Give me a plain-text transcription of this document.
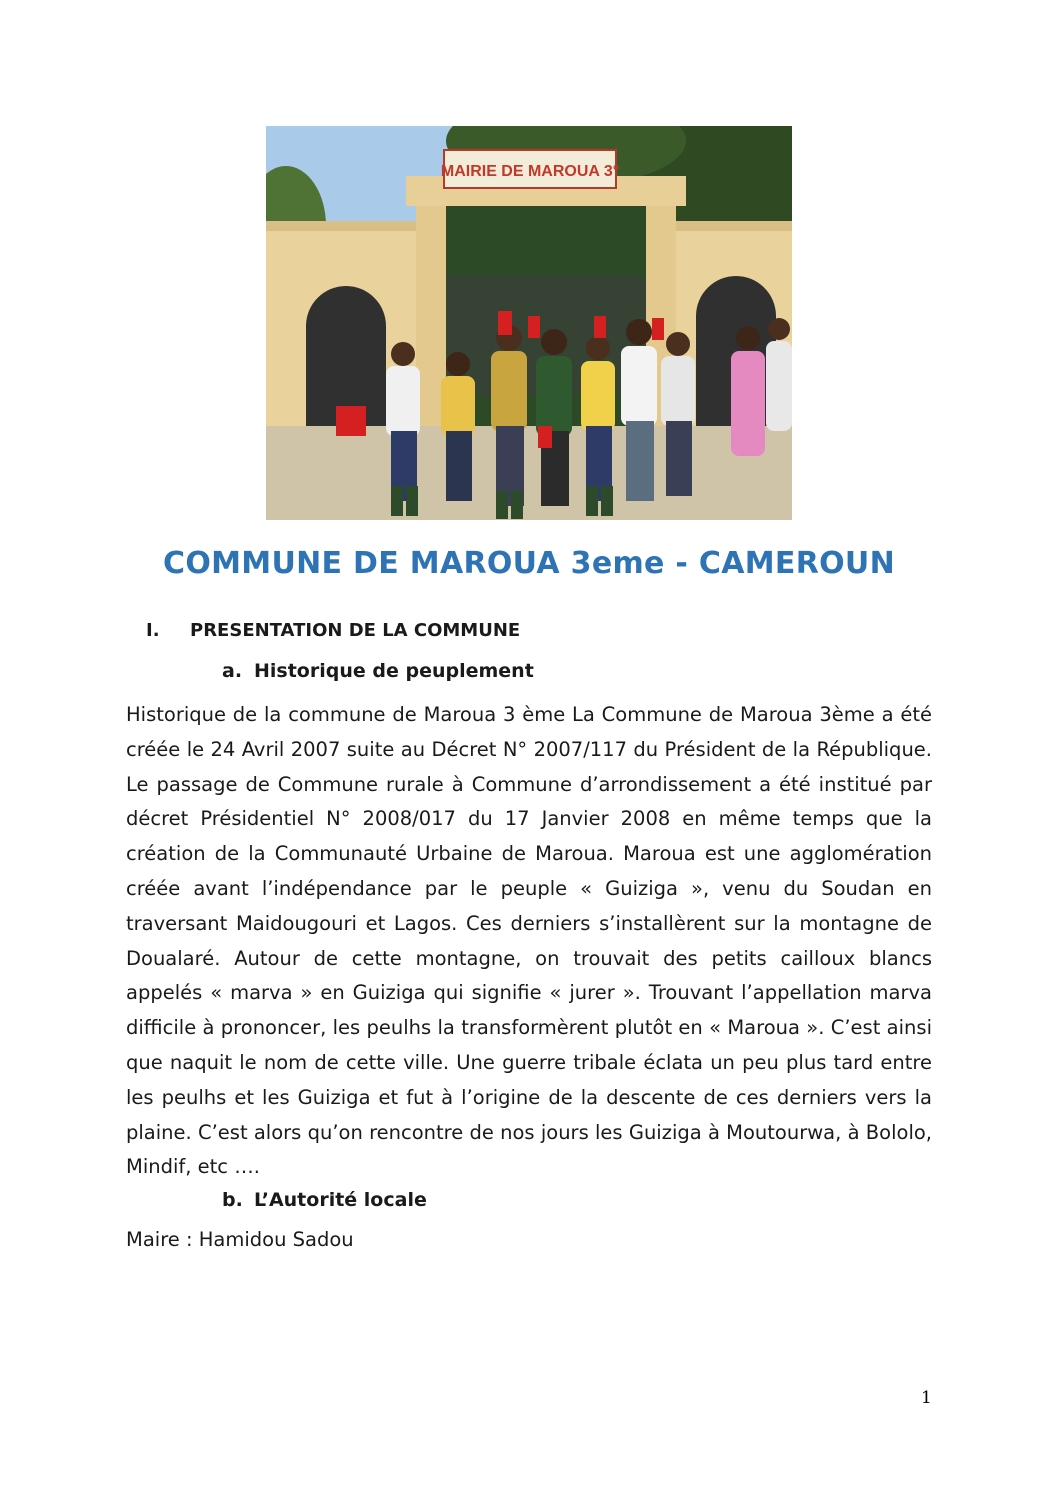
MAIRIE DE MAROUA 3°
COMMUNE DE MAROUA 3eme - CAMEROUN
I. PRESENTATION DE LA COMMUNE
a. Historique de peuplement
Historique de la commune de Maroua 3 ème La Commune de Maroua 3ème a été créée le 24 Avril 2007 suite au Décret N° 2007/117 du Président de la République. Le passage de Commune rurale à Commune d’arrondissement a été institué par décret Présidentiel N° 2008/017 du 17 Janvier 2008 en même temps que la création de la Communauté Urbaine de Maroua. Maroua est une agglomération créée avant l’indépendance par le peuple « Guiziga », venu du Soudan en traversant Maidougouri et Lagos. Ces derniers s’installèrent sur la montagne de Doualaré. Autour de cette montagne, on trouvait des petits cailloux blancs appelés « marva » en Guiziga qui signifie « jurer ». Trouvant l’appellation marva difficile à prononcer, les peulhs la transformèrent plutôt en « Maroua ». C’est ainsi que naquit le nom de cette ville. Une guerre tribale éclata un peu plus tard entre les peulhs et les Guiziga et fut à l’origine de la descente de ces derniers vers la plaine. C’est alors qu’on rencontre de nos jours les Guiziga à Moutourwa, à Bololo, Mindif, etc ….
b. L’Autorité locale
Maire : Hamidou Sadou
1
